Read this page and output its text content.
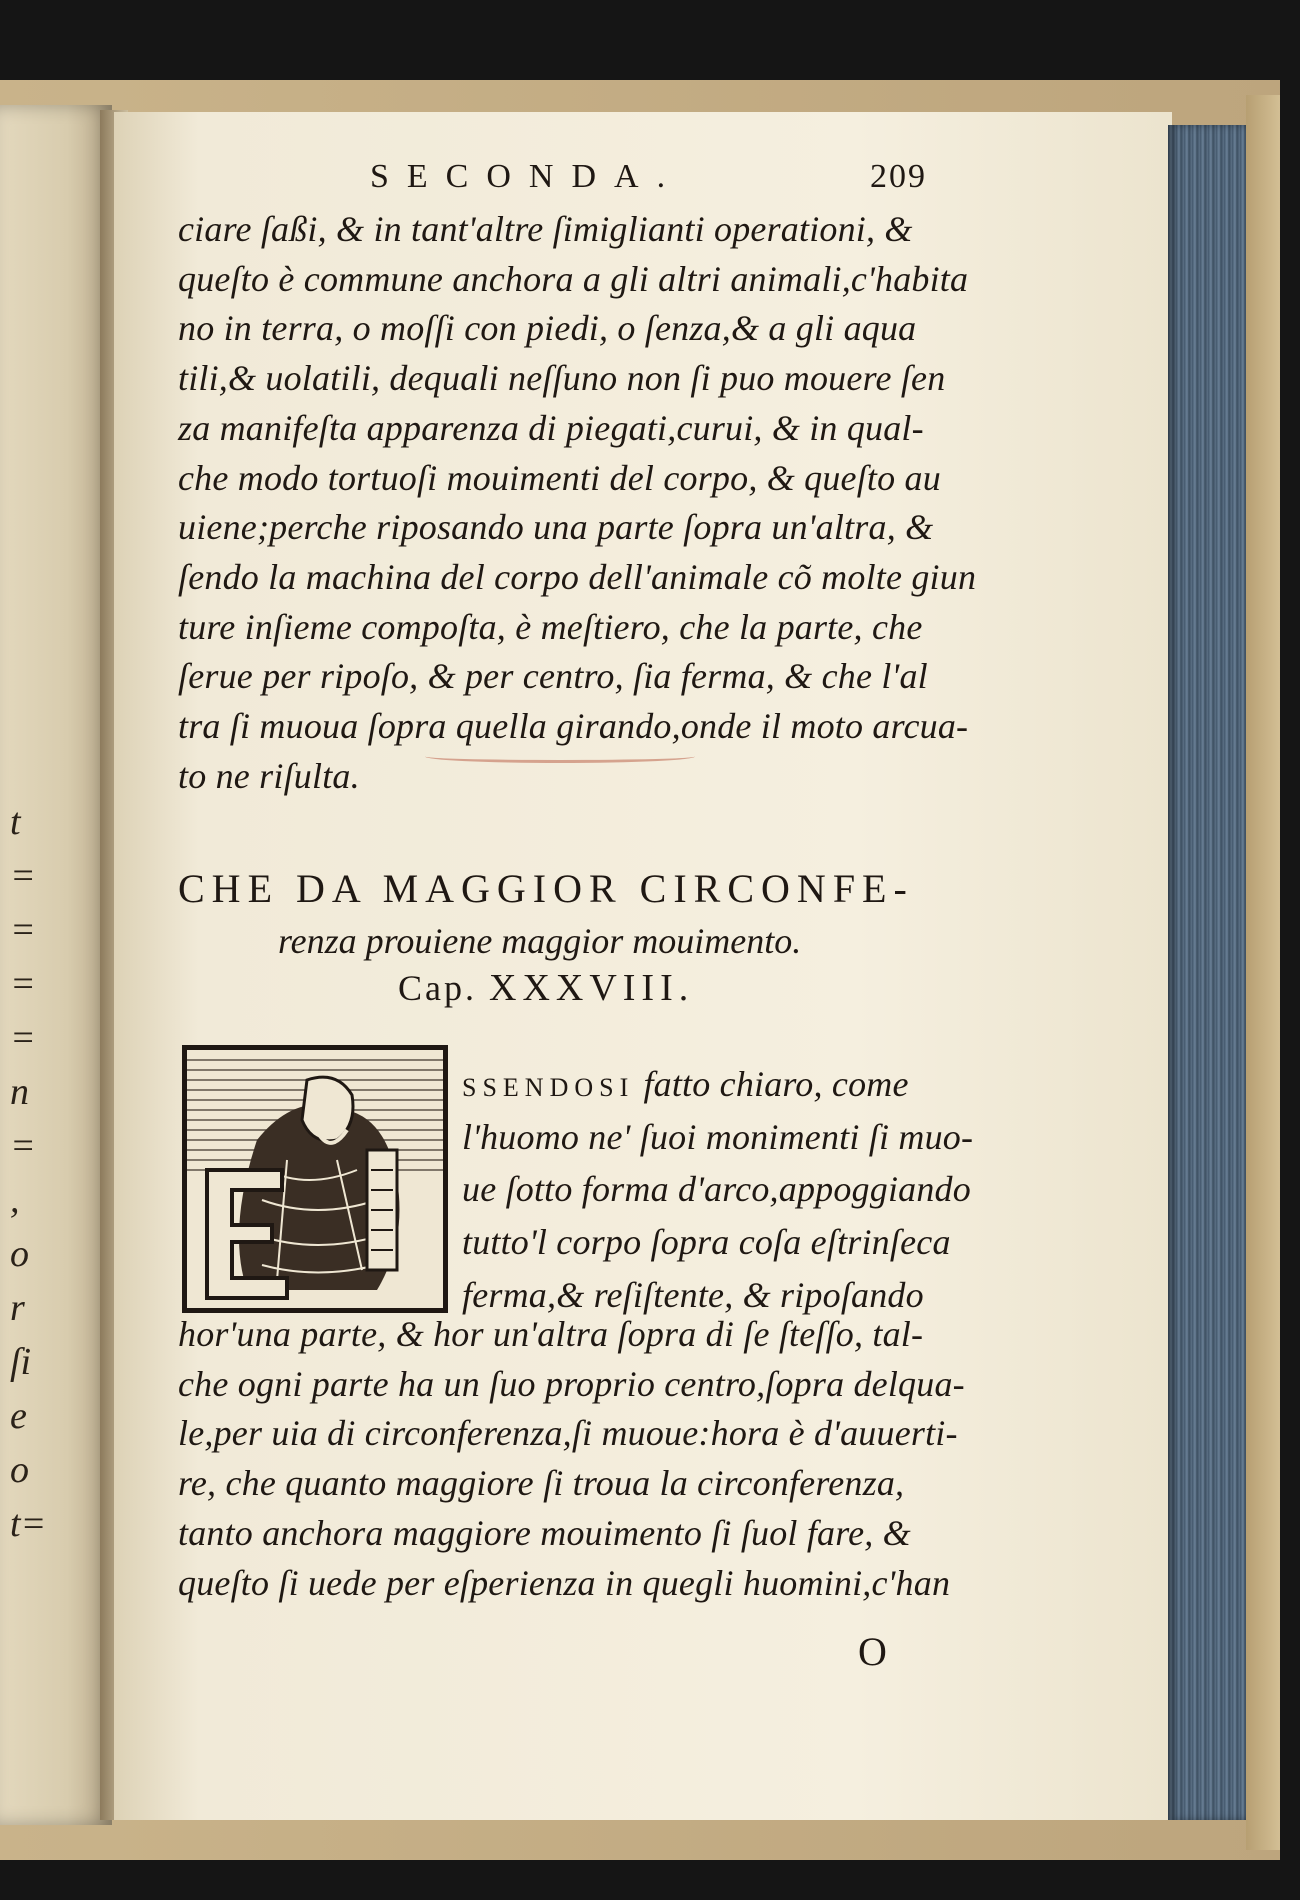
t
=
=
=
=
n
=
,
o
r
ſi
e
o
t=
SECONDA.	209
ciare ſaßi, & in tant'altre ſimiglianti operationi, &
queſto è commune anchora a gli altri animali,c'habita
no in terra, o moſſi con piedi, o ſenza,& a gli aqua
tili,& uolatili, dequali neſſuno non ſi puo mouere ſen
za manifeſta apparenza di piegati,curui, & in qual-
che modo tortuoſi mouimenti del corpo, & queſto au
uiene;perche riposando una parte ſopra un'altra, &
ſendo la machina del corpo dell'animale cõ molte giun
ture inſieme compoſta, è meſtiero, che la parte, che
ſerue per ripoſo, & per centro, ſia ferma, & che l'al
tra ſi muoua ſopra quella girando,onde il moto arcua-
to ne riſulta.
CHE DA MAGGIOR CIRCONFE-
renza prouiene maggior mouimento.
Cap. XXXVIII.
SSENDOSI fatto chiaro, come
l'huomo ne' ſuoi monimenti ſi muo-
ue ſotto forma d'arco,appoggiando
tutto'l corpo ſopra coſa eſtrinſeca
ferma,& reſiſtente, & ripoſando
hor'una parte, & hor un'altra ſopra di ſe ſteſſo, tal-
che ogni parte ha un ſuo proprio centro,ſopra delqua-
le,per uia di circonferenza,ſi muoue:hora è d'auuerti-
re, che quanto maggiore ſi troua la circonferenza,
tanto anchora maggiore mouimento ſi ſuol fare, &
queſto ſi uede per eſperienza in quegli huomini,c'han
O
